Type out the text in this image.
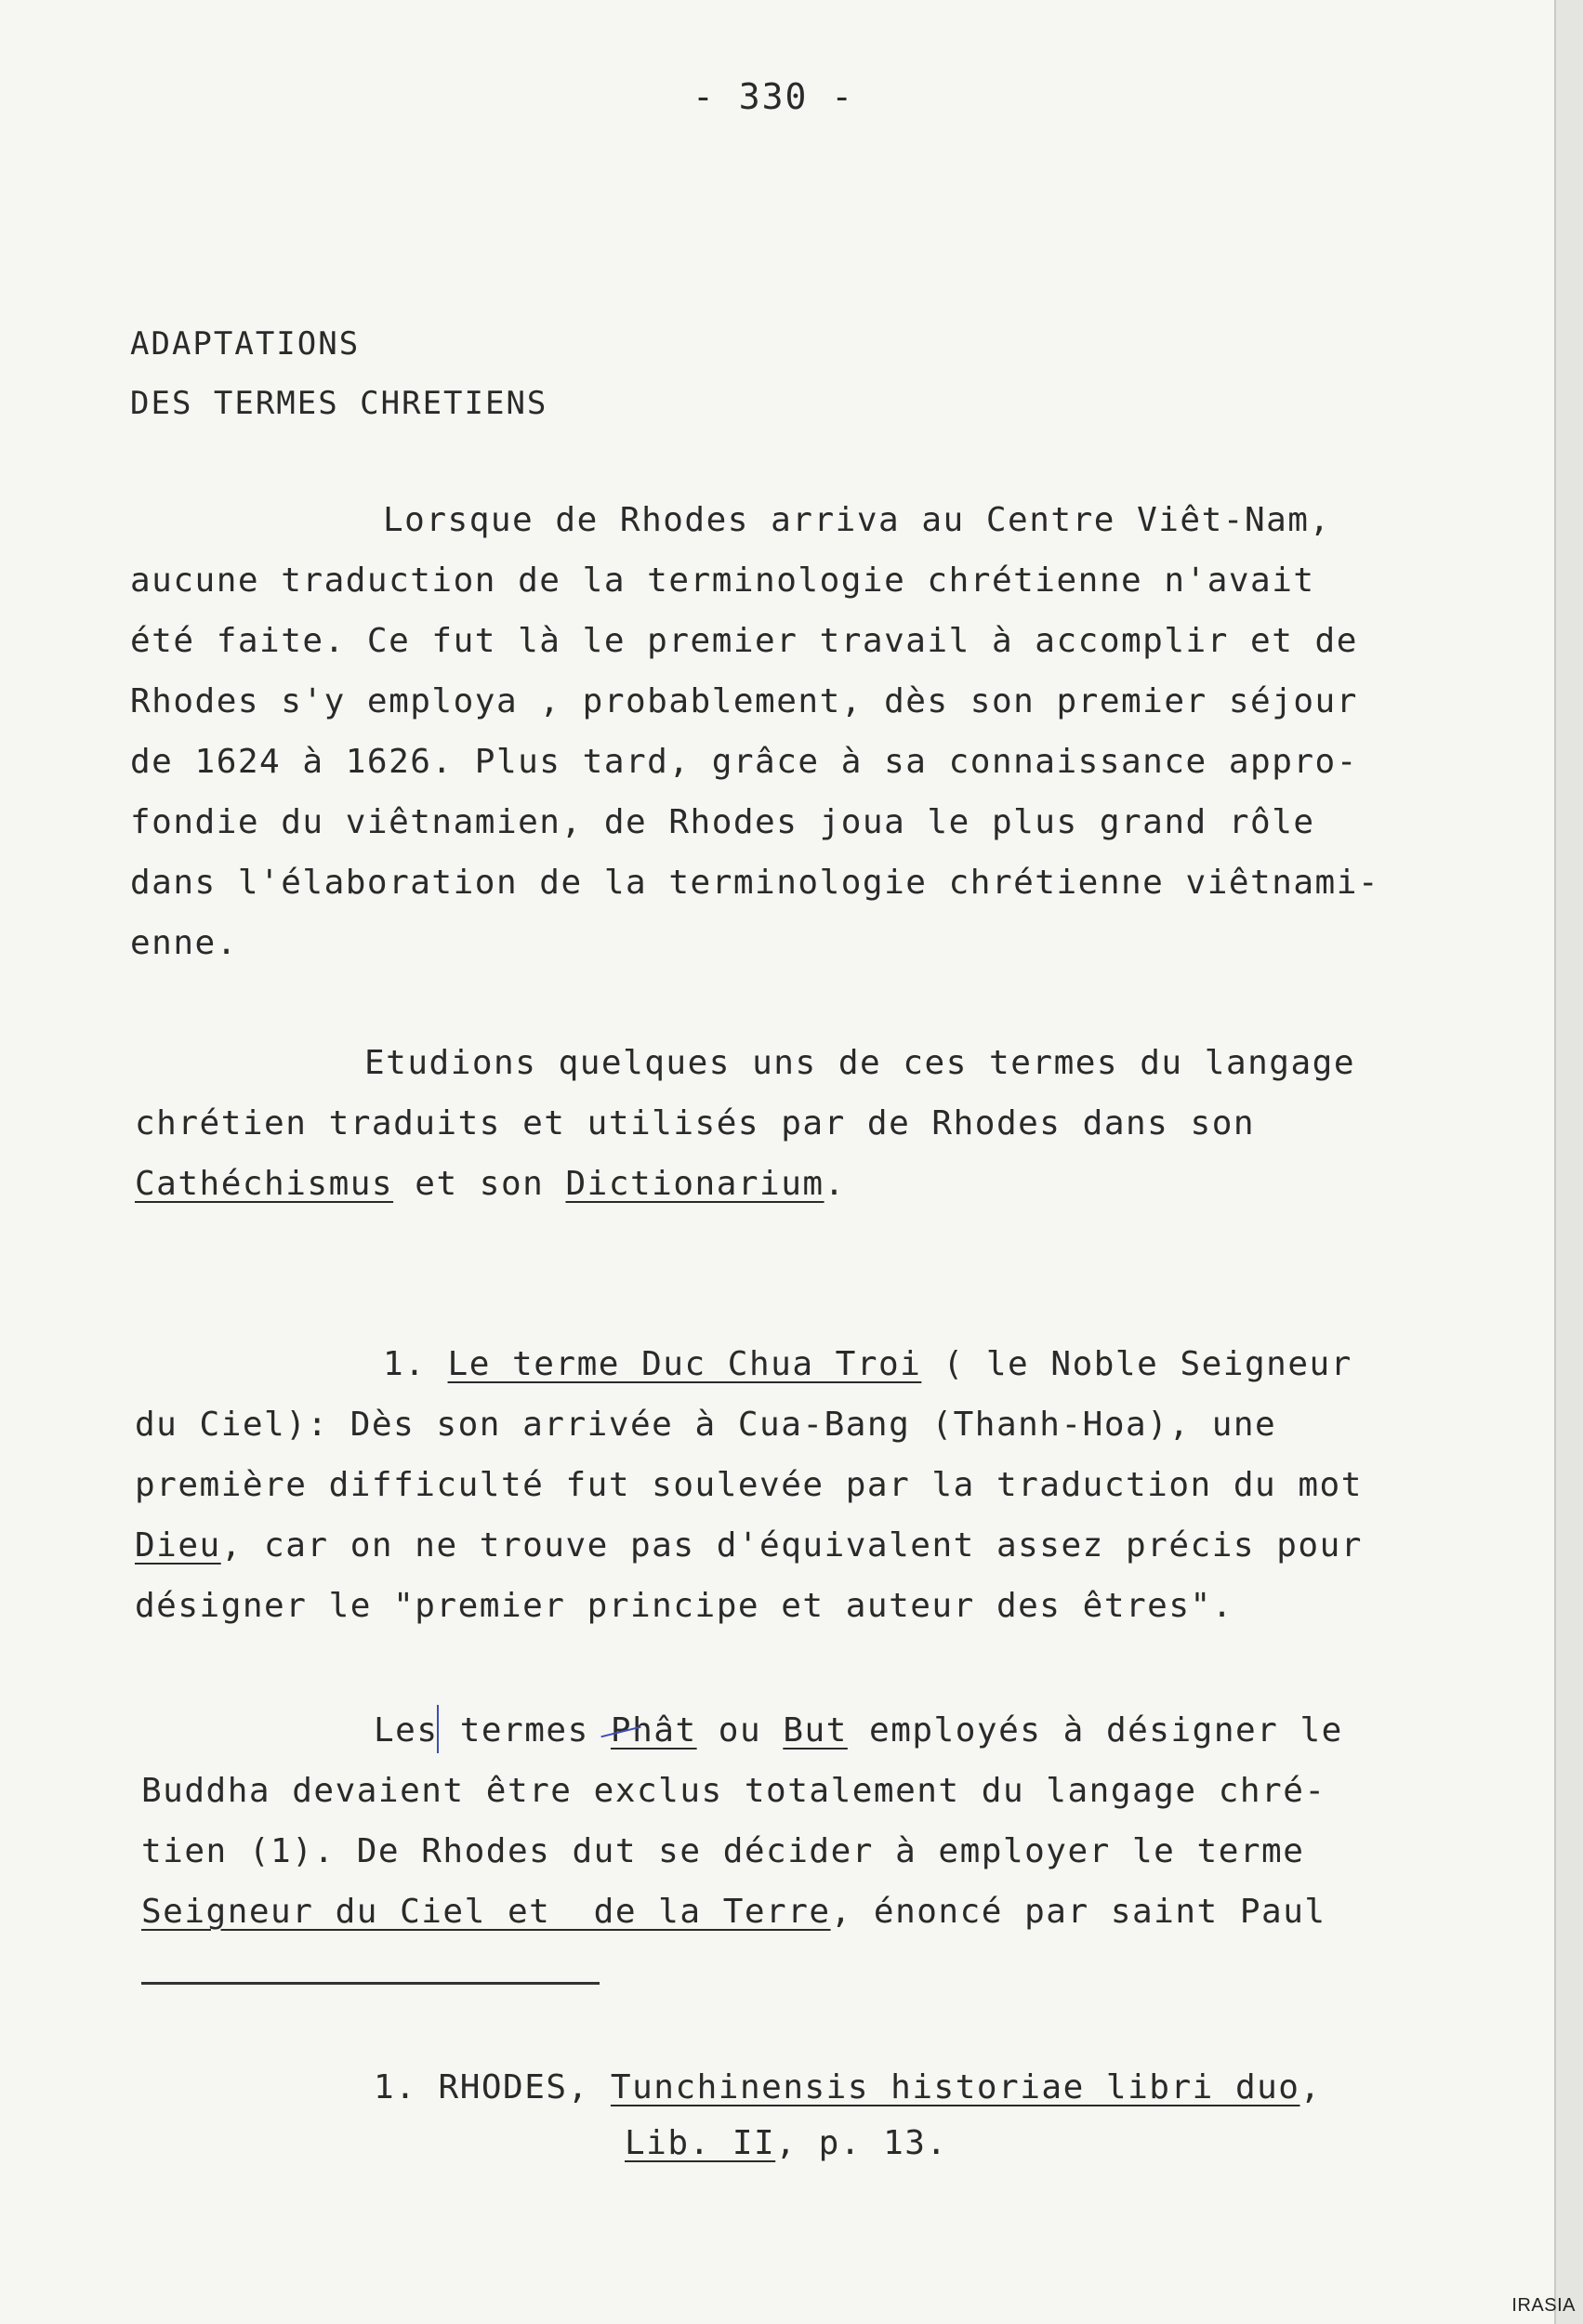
- 330 -
ADAPTATIONS
DES TERMES CHRETIENS
Lorsque de Rhodes arriva au Centre Viêt-Nam,
aucune traduction de la terminologie chrétienne n'avait
été faite. Ce fut là le premier travail à accomplir et de
Rhodes s'y employa , probablement, dès son premier séjour
de 1624 à 1626. Plus tard, grâce à sa connaissance appro-
fondie du viêtnamien, de Rhodes joua le plus grand rôle
dans l'élaboration de la terminologie chrétienne viêtnami-
enne.
Etudions quelques uns de ces termes du langage
chrétien traduits et utilisés par de Rhodes dans son
Cathéchismus et son Dictionarium.
1. Le terme Duc Chua Troi ( le Noble Seigneur
du Ciel): Dès son arrivée à Cua-Bang (Thanh-Hoa), une
première difficulté fut soulevée par la traduction du mot
Dieu, car on ne trouve pas d'équivalent assez précis pour
désigner le "premier principe et auteur des êtres".
Les termes Phât ou But employés à désigner le
Buddha devaient être exclus totalement du langage chré-
tien (1). De Rhodes dut se décider à employer le terme
Seigneur du Ciel et  de la Terre, énoncé par saint Paul
1. RHODES, Tunchinensis historiae libri duo,
Lib. II, p. 13.
IRASIA
